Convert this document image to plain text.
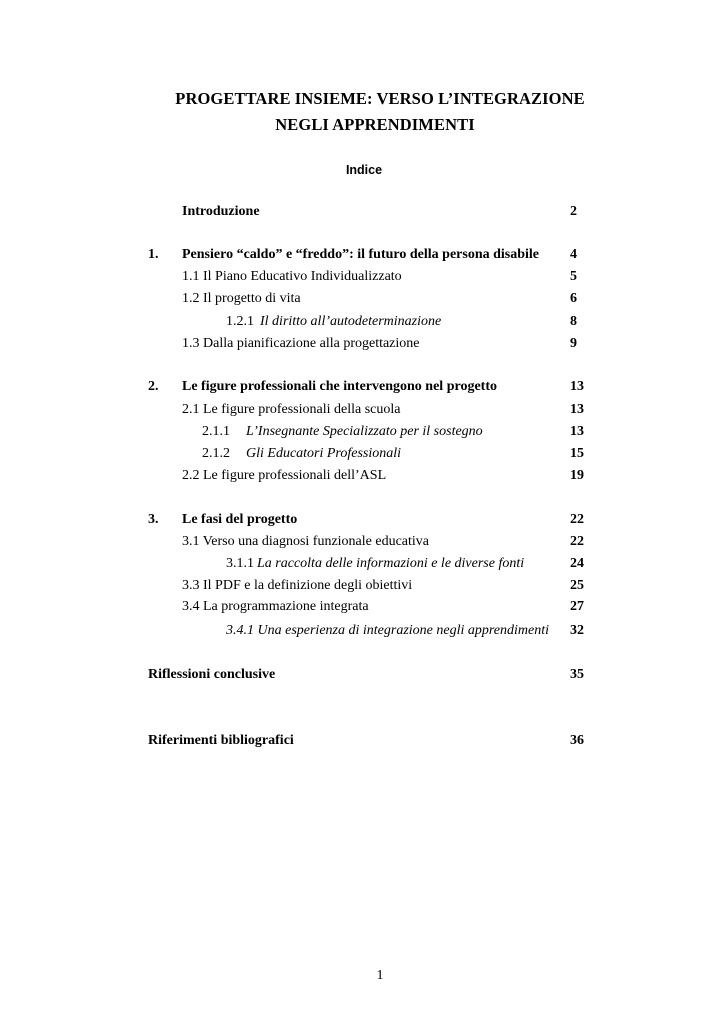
PROGETTARE INSIEME: VERSO L’INTEGRAZIONE
NEGLI APPRENDIMENTI
Indice
Introduzione	2
1. Pensiero “caldo” e “freddo”: il futuro della persona disabile 4
1.1 Il Piano Educativo Individualizzato	5
1.2 Il progetto di vita	6
1.2.1 Il diritto all’autodeterminazione	8
1.3 Dalla pianificazione alla progettazione	9
2. Le figure professionali che intervengono nel progetto	13
2.1 Le figure professionali della scuola	13
2.1.1 L’Insegnante Specializzato per il sostegno	13
2.1.2 Gli Educatori Professionali	15
2.2 Le figure professionali dell’ASL	19
3. Le fasi del progetto	22
3.1 Verso una diagnosi funzionale educativa	22
3.1.1 La raccolta delle informazioni e le diverse fonti	24
3.3 Il PDF e la definizione degli obiettivi	25
3.4 La programmazione integrata	27
3.4.1 Una esperienza di integrazione negli apprendimenti 32
Riflessioni conclusive	35
Riferimenti bibliografici	36
1
